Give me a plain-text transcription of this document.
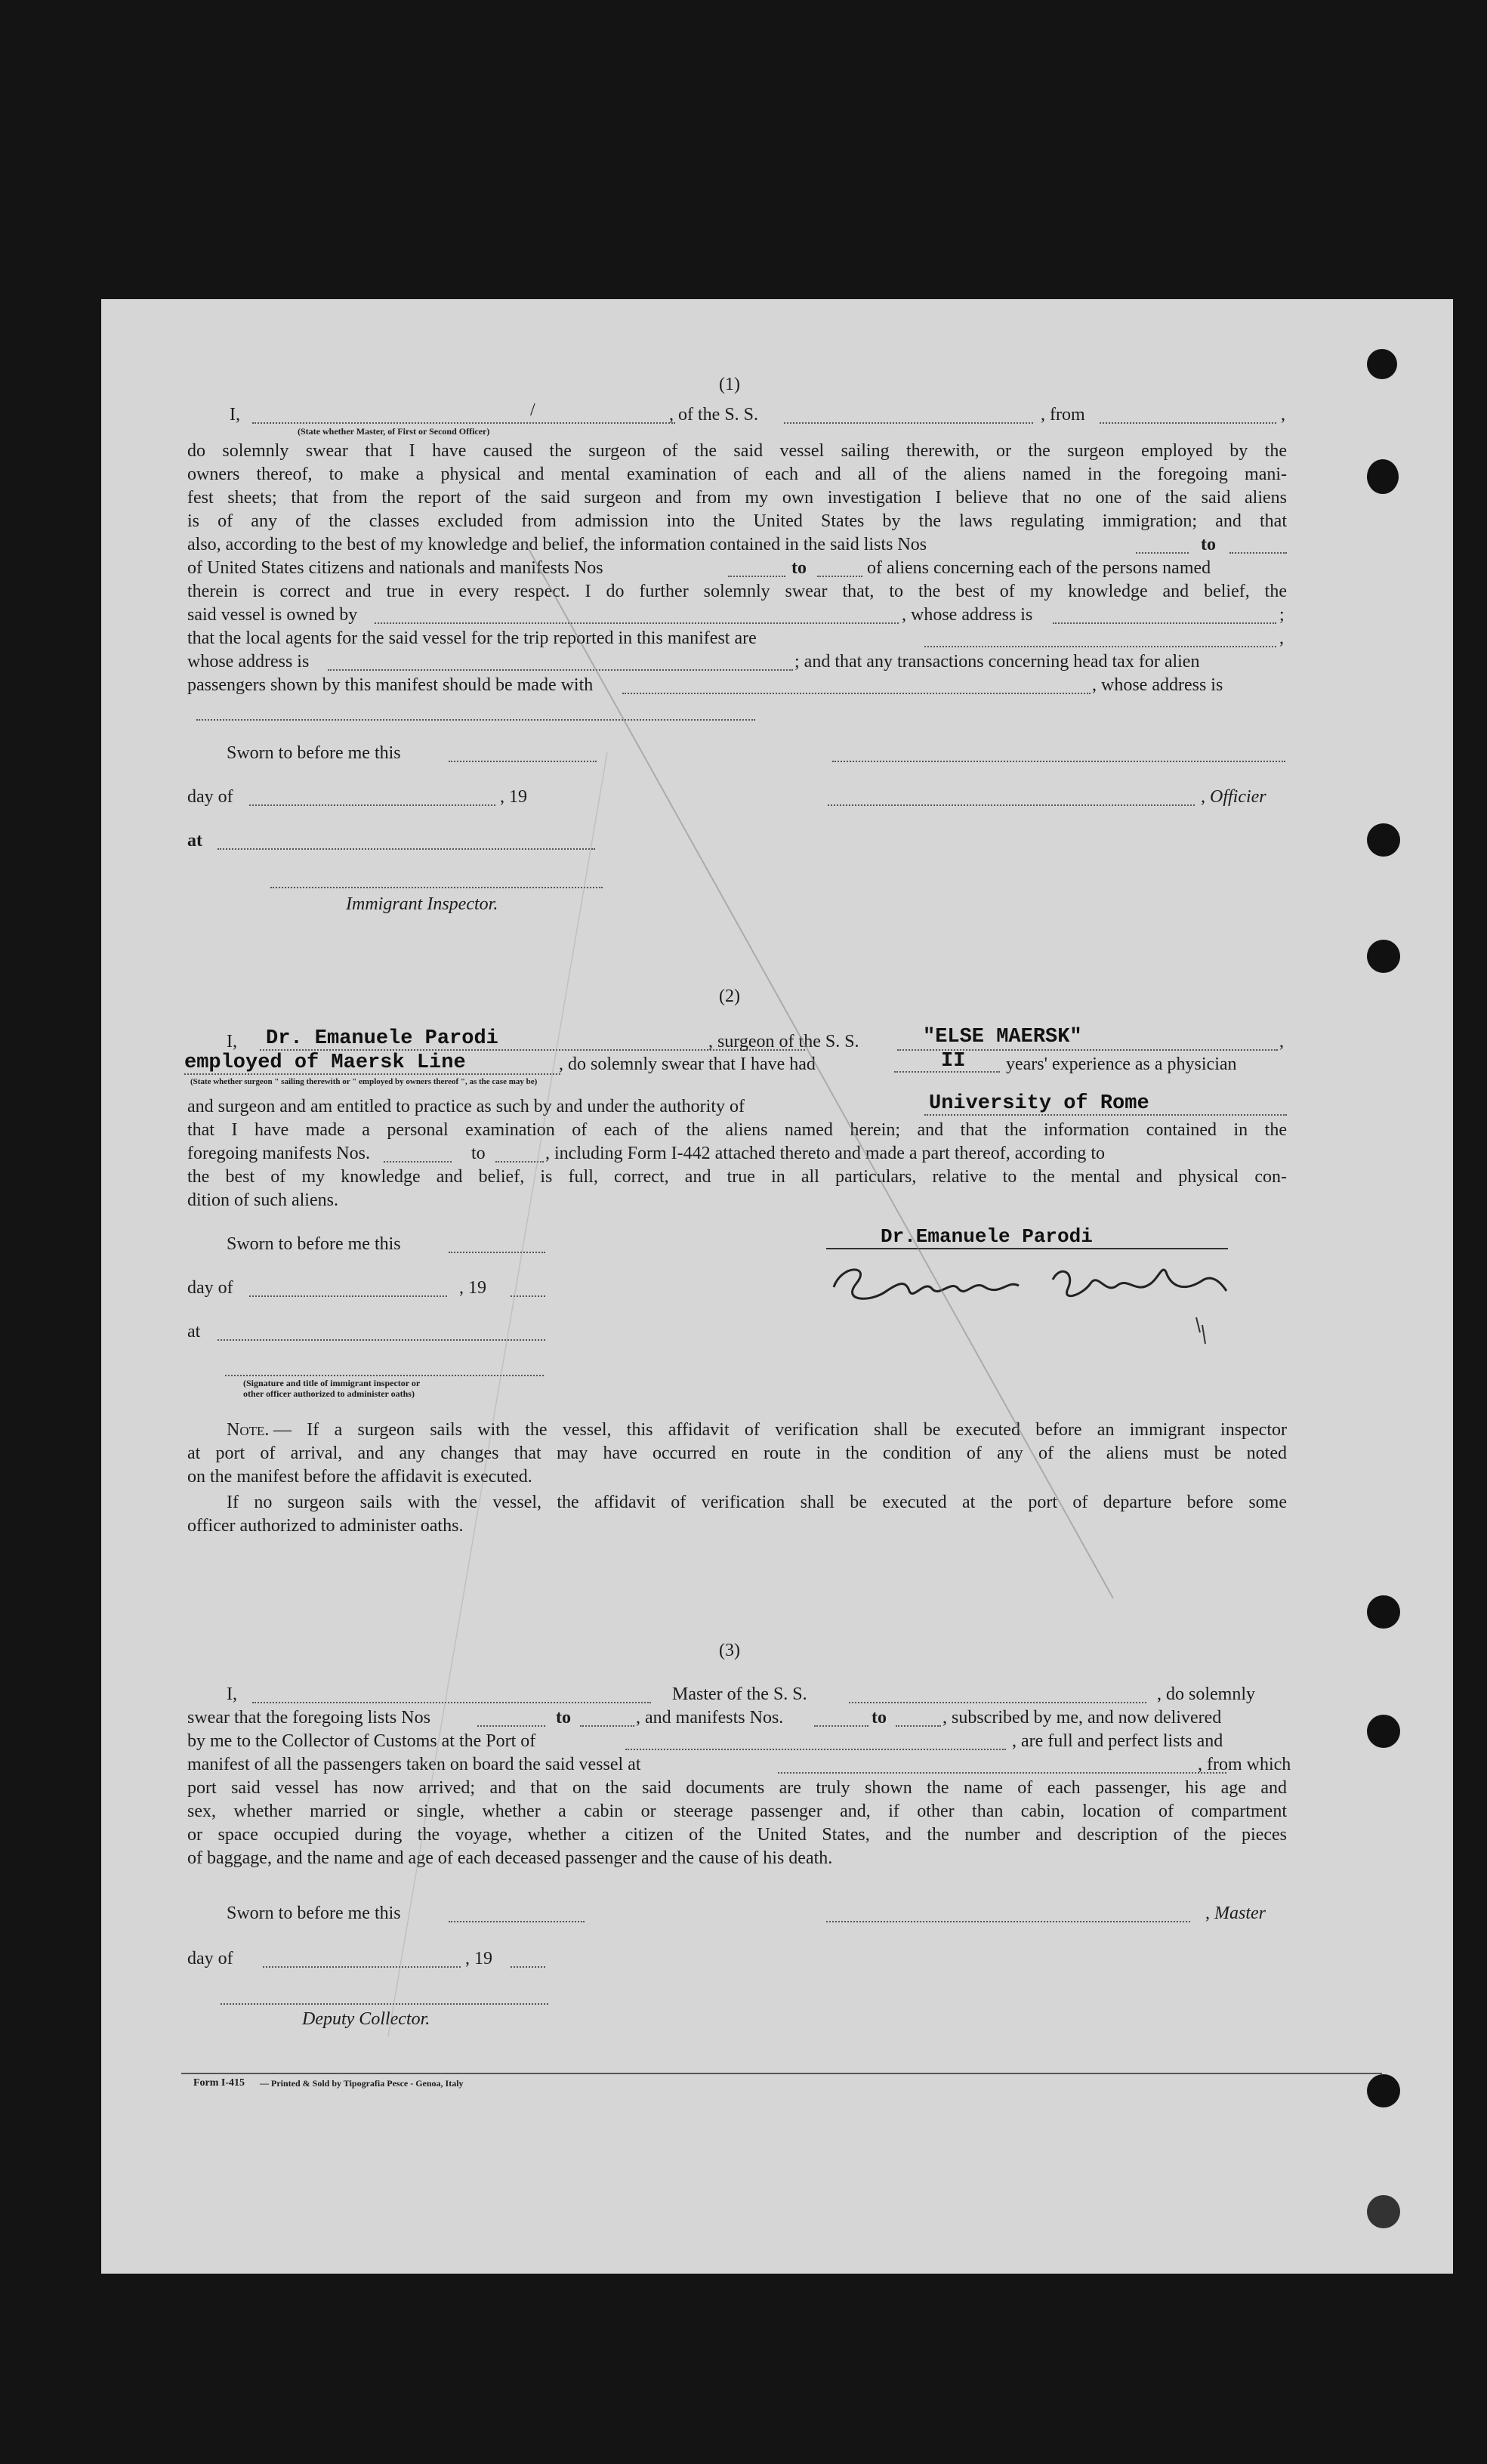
(1)
I,	/	, of the S. S.	, from	,
(State whether Master, of First or Second Officer)
do solemnly swear that I have caused the surgeon of the said vessel sailing therewith, or the surgeon employed by the
owners thereof, to make a physical and mental examination of each and all of the aliens named in the foregoing mani-
fest sheets; that from the report of the said surgeon and from my own investigation I believe that no one of the said aliens
is of any of the classes excluded from admission into the United States by the laws regulating immigration; and that
also, according to the best of my knowledge and belief, the information contained in the said lists Nos	to
of United States citizens and nationals and manifests Nos	to	of aliens concerning each of the persons named
therein is correct and true in every respect. I do further solemnly swear that, to the best of my knowledge and belief, the
said vessel is owned by	, whose address is	;
that the local agents for the said vessel for the trip reported in this manifest are	,
whose address is	; and that any transactions concerning head tax for alien
passengers shown by this manifest should be made with	, whose address is
Sworn to before me this
day of	, 19	, Officier
at
Immigrant Inspector.
(2)
I, Dr. Emanuele Parodi	, surgeon of the S. S.	"ELSE MAERSK"	,
employed of Maersk Line	, do solemnly swear that I have had	II years' experience as a physician
(State whether surgeon " sailing therewith or " employed by owners thereof ", as the case may be)
and surgeon and am entitled to practice as such by and under the authority of	University of Rome
that I have made a personal examination of each of the aliens named herein; and that the information contained in the
foregoing manifests Nos.	to	, including Form I-442 attached thereto and made a part thereof, according to
the best of my knowledge and belief, is full, correct, and true in all particulars, relative to the mental and physical con-
dition of such aliens.
Sworn to before me this	Dr.Emanuele Parodi
day of	, 19
at
(Signature and title of immigrant inspector or
other officer authorized to administer oaths)
Note. — If a surgeon sails with the vessel, this affidavit of verification shall be executed before an immigrant inspector
at port of arrival, and any changes that may have occurred en route in the condition of any of the aliens must be noted
on the manifest before the affidavit is executed.
If no surgeon sails with the vessel, the affidavit of verification shall be executed at the port of departure before some
officer authorized to administer oaths.
(3)
I,	Master of the S. S.	, do solemnly
swear that the foregoing lists Nos	to	, and manifests Nos.	to	, subscribed by me, and now delivered
by me to the Collector of Customs at the Port of	, are full and perfect lists and
manifest of all the passengers taken on board the said vessel at	, from which
port said vessel has now arrived; and that on the said documents are truly shown the name of each passenger, his age and
sex, whether married or single, whether a cabin or steerage passenger and, if other than cabin, location of compartment
or space occupied during the voyage, whether a citizen of the United States, and the number and description of the pieces
of baggage, and the name and age of each deceased passenger and the cause of his death.
Sworn to before me this	, Master
day of	, 19
Deputy Collector.
Form I-415 — Printed & Sold by Tipografia Pesce - Genoa, Italy
